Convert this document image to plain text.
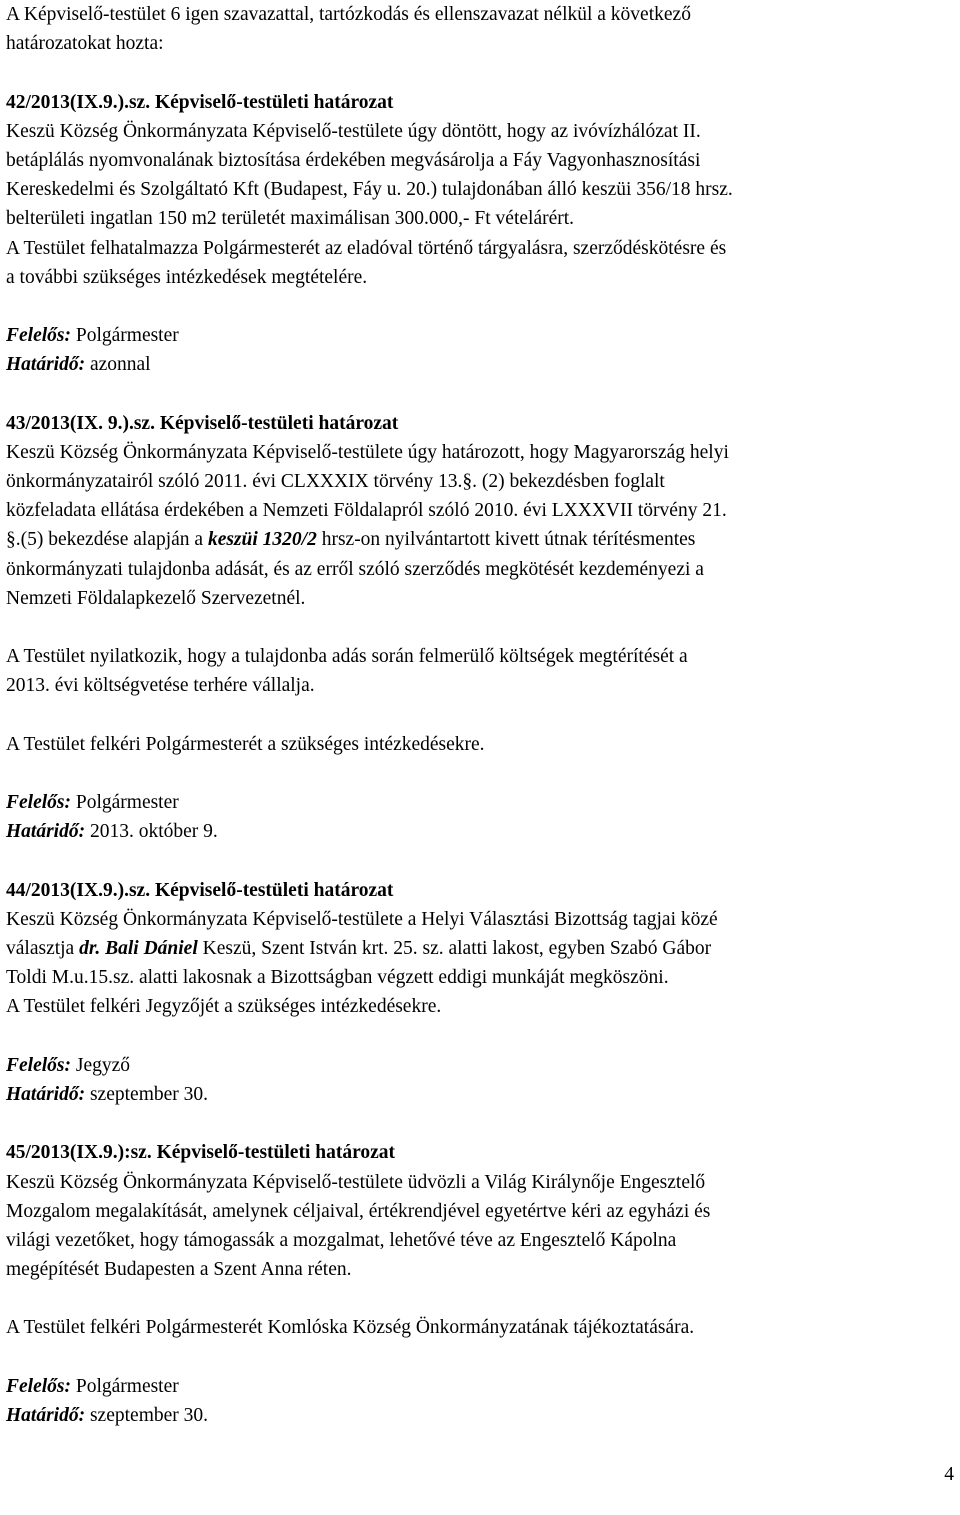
A Képviselő-testület 6 igen szavazattal, tartózkodás és ellenszavazat nélkül a következő
határozatokat hozta:
42/2013(IX.9.).sz. Képviselő-testületi határozat
Keszü Község Önkormányzata Képviselő-testülete úgy döntött, hogy az ivóvízhálózat II.
betáplálás nyomvonalának biztosítása érdekében megvásárolja a Fáy Vagyonhasznosítási
Kereskedelmi és Szolgáltató Kft (Budapest, Fáy u. 20.) tulajdonában álló keszüi 356/18 hrsz.
belterületi ingatlan 150 m2 területét maximálisan 300.000,- Ft vételárért.
A Testület felhatalmazza Polgármesterét az eladóval történő tárgyalásra, szerződéskötésre és
a további szükséges intézkedések megtételére.
Felelős: Polgármester
Határidő: azonnal
43/2013(IX. 9.).sz. Képviselő-testületi határozat
Keszü Község Önkormányzata Képviselő-testülete úgy határozott, hogy Magyarország helyi
önkormányzatairól szóló 2011. évi CLXXXIX törvény 13.§. (2) bekezdésben foglalt
közfeladata ellátása érdekében a Nemzeti Földalapról szóló 2010. évi LXXXVII törvény 21.
§.(5) bekezdése alapján a keszüi 1320/2 hrsz-on nyilvántartott kivett útnak térítésmentes
önkormányzati tulajdonba adását, és az erről szóló szerződés megkötését kezdeményezi a
Nemzeti Földalapkezelő Szervezetnél.
A Testület nyilatkozik, hogy a tulajdonba adás során felmerülő költségek megtérítését a
2013. évi költségvetése terhére vállalja.
A Testület felkéri Polgármesterét a szükséges intézkedésekre.
Felelős: Polgármester
Határidő: 2013. október 9.
44/2013(IX.9.).sz. Képviselő-testületi határozat
Keszü Község Önkormányzata Képviselő-testülete a Helyi Választási Bizottság tagjai közé
választja dr. Bali Dániel Keszü, Szent István krt. 25. sz. alatti lakost, egyben Szabó Gábor
Toldi M.u.15.sz. alatti lakosnak a Bizottságban végzett eddigi munkáját megköszöni.
A Testület felkéri Jegyzőjét a szükséges intézkedésekre.
Felelős: Jegyző
Határidő: szeptember 30.
45/2013(IX.9.):sz. Képviselő-testületi határozat
Keszü Község Önkormányzata Képviselő-testülete üdvözli a Világ Királynője Engesztelő
Mozgalom megalakítását, amelynek céljaival, értékrendjével egyetértve kéri az egyházi és
világi vezetőket, hogy támogassák a mozgalmat, lehetővé téve az Engesztelő Kápolna
megépítését Budapesten a Szent Anna réten.
A Testület felkéri Polgármesterét Komlóska Község Önkormányzatának tájékoztatására.
Felelős: Polgármester
Határidő: szeptember 30.
4
